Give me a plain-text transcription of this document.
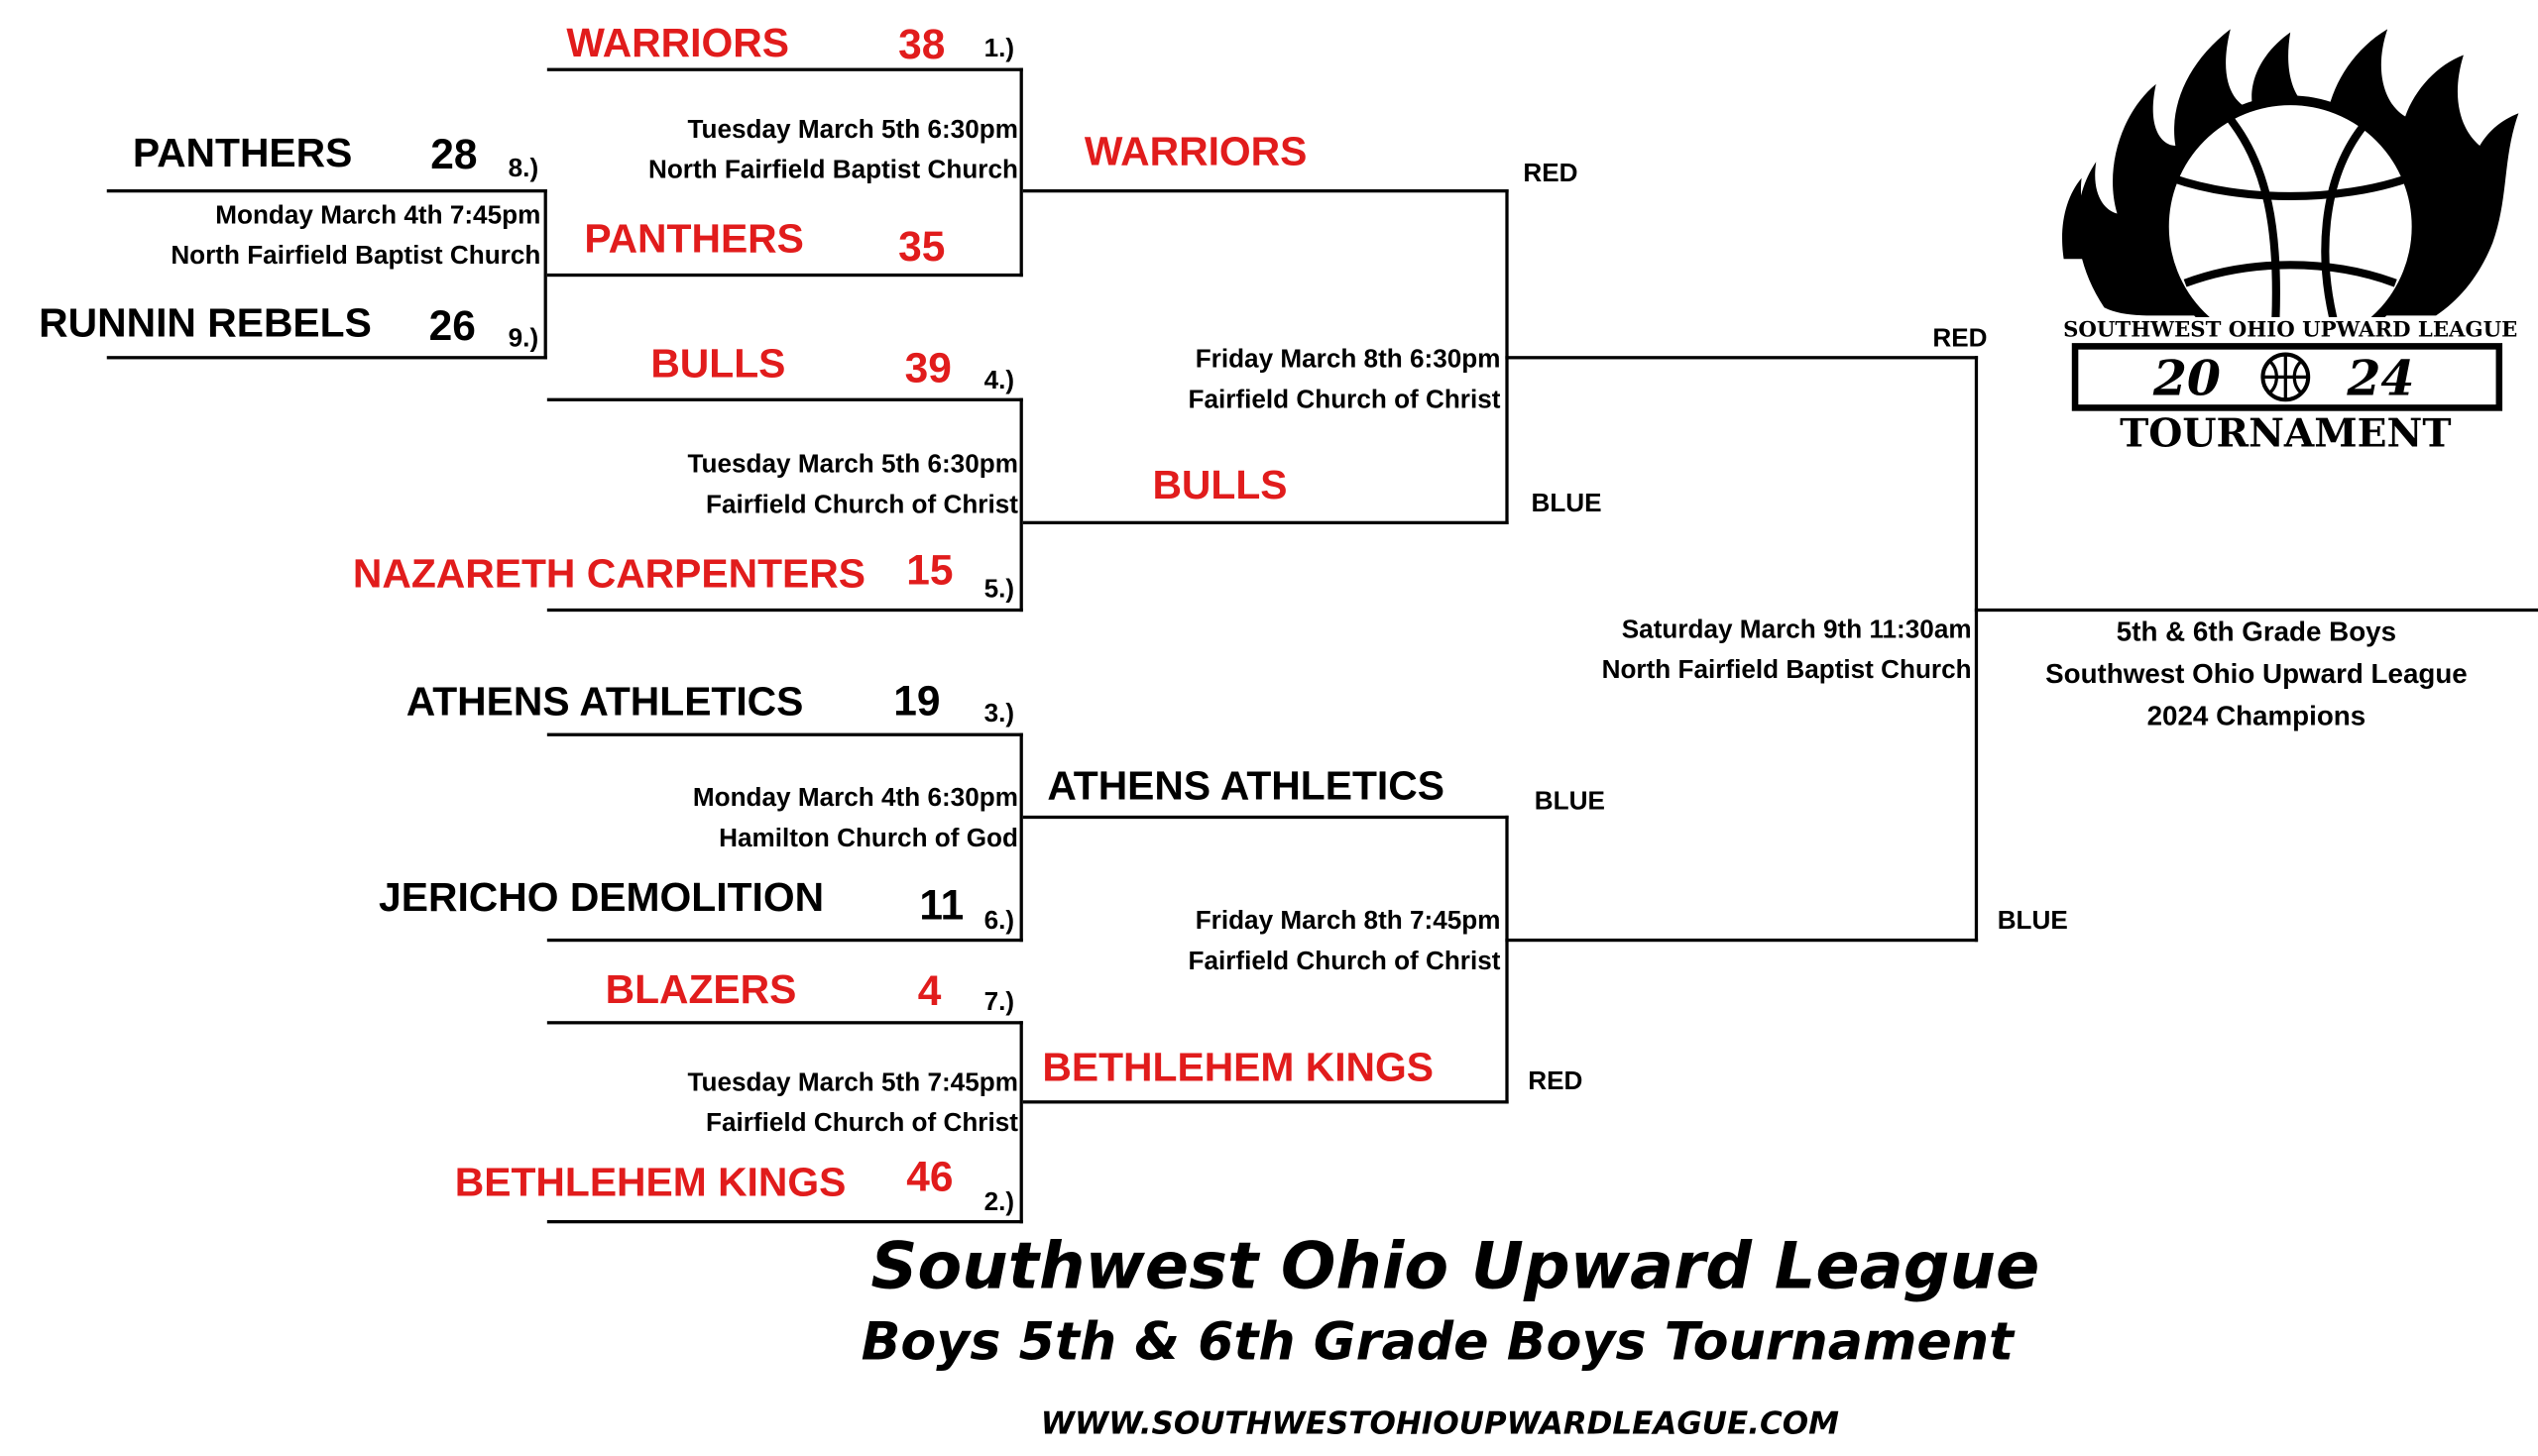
PANTHERS	28 8.)
Monday March 4th 7:45pm
North Fairfield Baptist Church
RUNNIN REBELS 26 9.)
WARRIORS	38 1.)
Tuesday March 5th 6:30pm
North Fairfield Baptist Church
PANTHERS	35
BULLS	39 4.)
Tuesday March 5th 6:30pm
Fairfield Church of Christ
NAZARETH CARPENTERS 15 5.)
ATHENS ATHLETICS	19	3.)
Monday March 4th 6:30pm
Hamilton Church of God
JERICHO DEMOLITION	11 6.)
BLAZERS	4	7.)
Tuesday March 5th 7:45pm
Fairfield Church of Christ
BETHLEHEM KINGS 46
2.)
WARRIORS	RED
Friday March 8th 6:30pm
Fairfield Church of Christ
BULLS	BLUE
ATHENS ATHLETICS	BLUE
Friday March 8th 7:45pm
Fairfield Church of Christ
BETHLEHEM KINGS	RED
RED
BLUE
Saturday March 9th 11:30am
North Fairfield Baptist Church
5th & 6th Grade Boys
Southwest Ohio Upward League
2024 Champions
SOUTHWEST OHIO UPWARD LEAGUE
20	24
TOURNAMENT
Southwest Ohio Upward League
Boys 5th & 6th Grade Boys Tournament
WWW.SOUTHWESTOHIOUPWARDLEAGUE.COM
